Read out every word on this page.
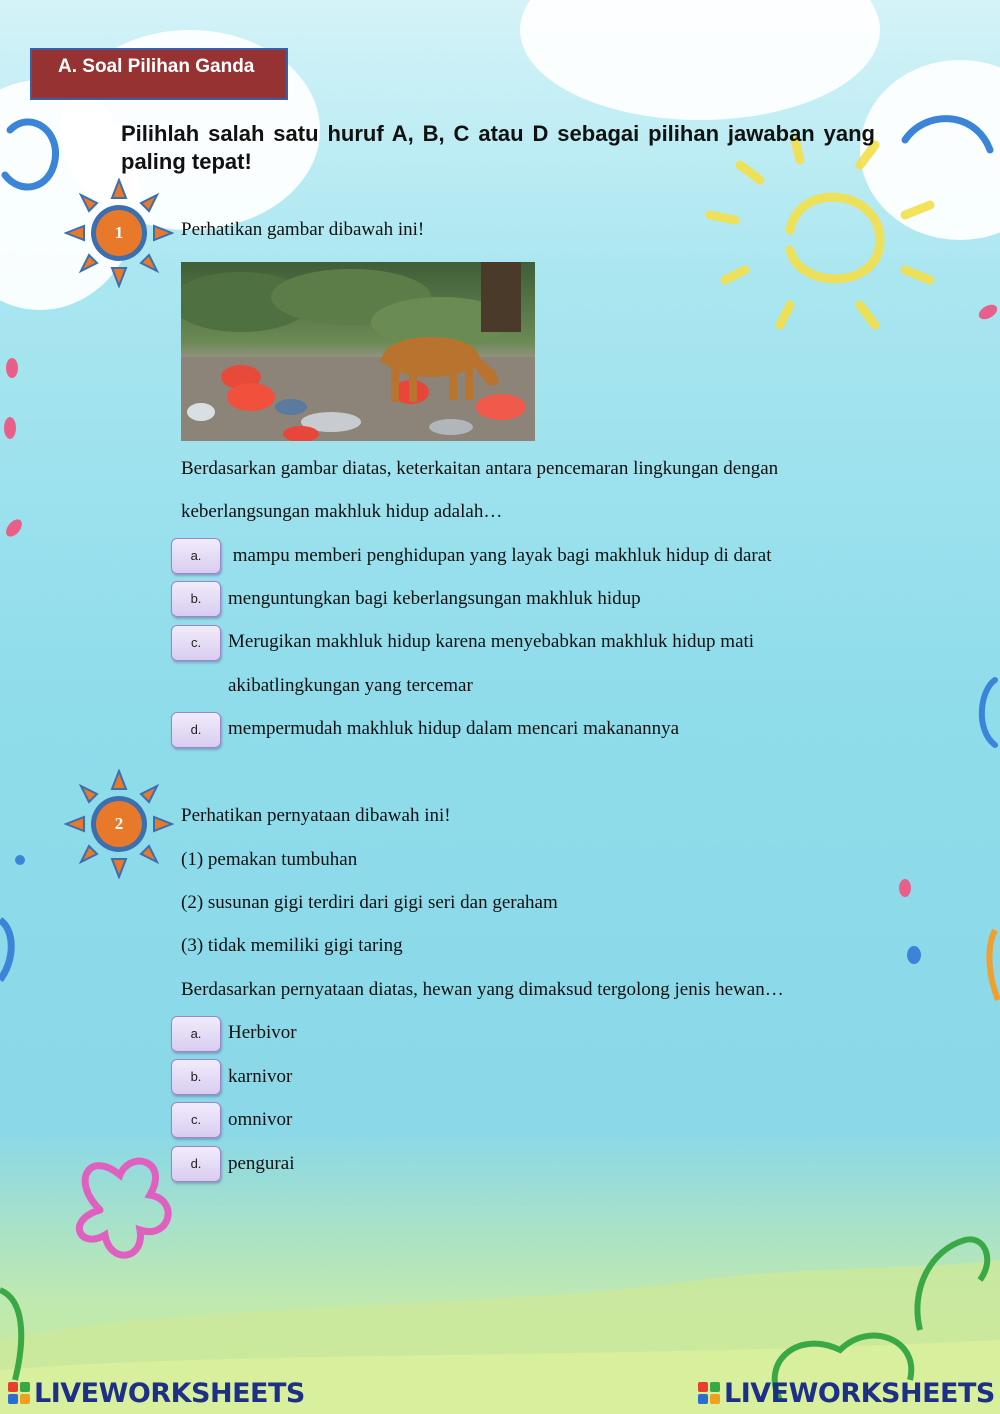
A. Soal Pilihan Ganda
Pilihlah salah satu huruf A, B, C atau D sebagai pilihan jawaban yang paling tepat!
1	Perhatikan gambar dibawah ini!
Berdasarkan gambar diatas, keterkaitan antara pencemaran lingkungan dengan
keberlangsungan makhluk hidup adalah…
a.	mampu memberi penghidupan yang layak bagi makhluk hidup di darat
b.	menguntungkan bagi keberlangsungan makhluk hidup
c.	Merugikan makhluk hidup karena menyebabkan makhluk hidup mati
akibatlingkungan yang tercemar
d.	mempermudah makhluk hidup dalam mencari makanannya
2	Perhatikan pernyataan dibawah ini!
(1) pemakan tumbuhan
(2) susunan gigi terdiri dari gigi seri dan geraham
(3) tidak memiliki gigi taring
Berdasarkan pernyataan diatas, hewan yang dimaksud tergolong jenis hewan…
a.	Herbivor
b.	karnivor
c.	omnivor
d.	pengurai
LIVEWORKSHEETS	LIVEWORKSHEETS
